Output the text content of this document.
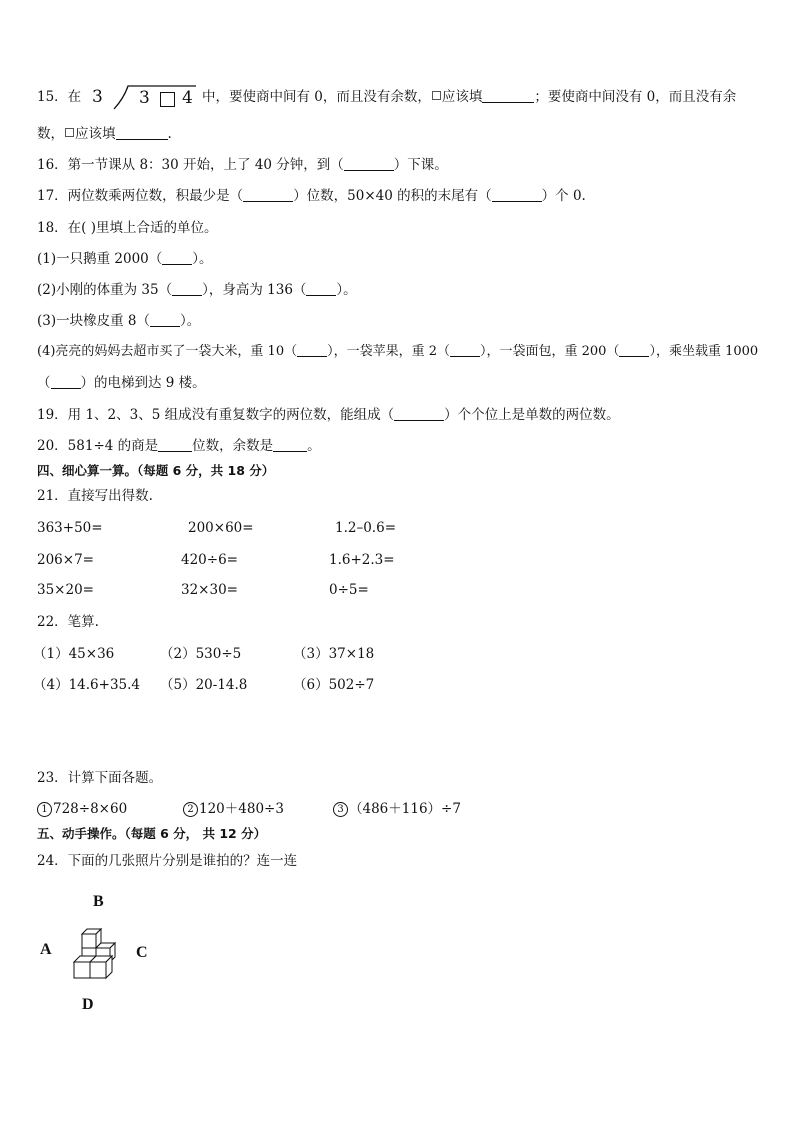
15．在 3 3 4 中，要使商中间有 0，而且没有余数， 应该填	；要使商中间没有 0，而且没有余
数， 应该填	.
16．第一节课从 8：30 开始，上了 40 分钟，到（	）下课。
17．两位数乘两位数，积最少是（	）位数，50×40 的积的末尾有（	）个 0.
18．在( )里填上合适的单位。
(1)一只鹅重 2000（ ）。
(2)小刚的体重为 35（ ），身高为 136（ ）。
(3)一块橡皮重 8（ ）。
(4)亮亮的妈妈去超市买了一袋大米，重 10（ ），一袋苹果，重 2（ ），一袋面包，重 200（ ），乘坐载重 1000
（ ）的电梯到达 9 楼。
19．用 1、2、3、5 组成没有重复数字的两位数，能组成（	）个个位上是单数的两位数。
20．581÷4 的商是	位数，余数是	。
四、细心算一算。（每题 6 分，共 18 分）
21．直接写出得数.
363+50=	200×60=	1.2–0.6=
206×7=	420÷6=	1.6+2.3=
35×20=	32×30=	0÷5=
22．笔算.
（1）45×36	（2）530÷5	（3）37×18
（4）14.6+35.4 （5）20-14.8	（6）502÷7
23．计算下面各题。
1 728÷8×60	2 120＋480÷3	3 （486＋116）÷7
五、动手操作。（每题 6 分， 共 12 分）
24．下面的几张照片分别是谁拍的？连一连
B
A	C
D
